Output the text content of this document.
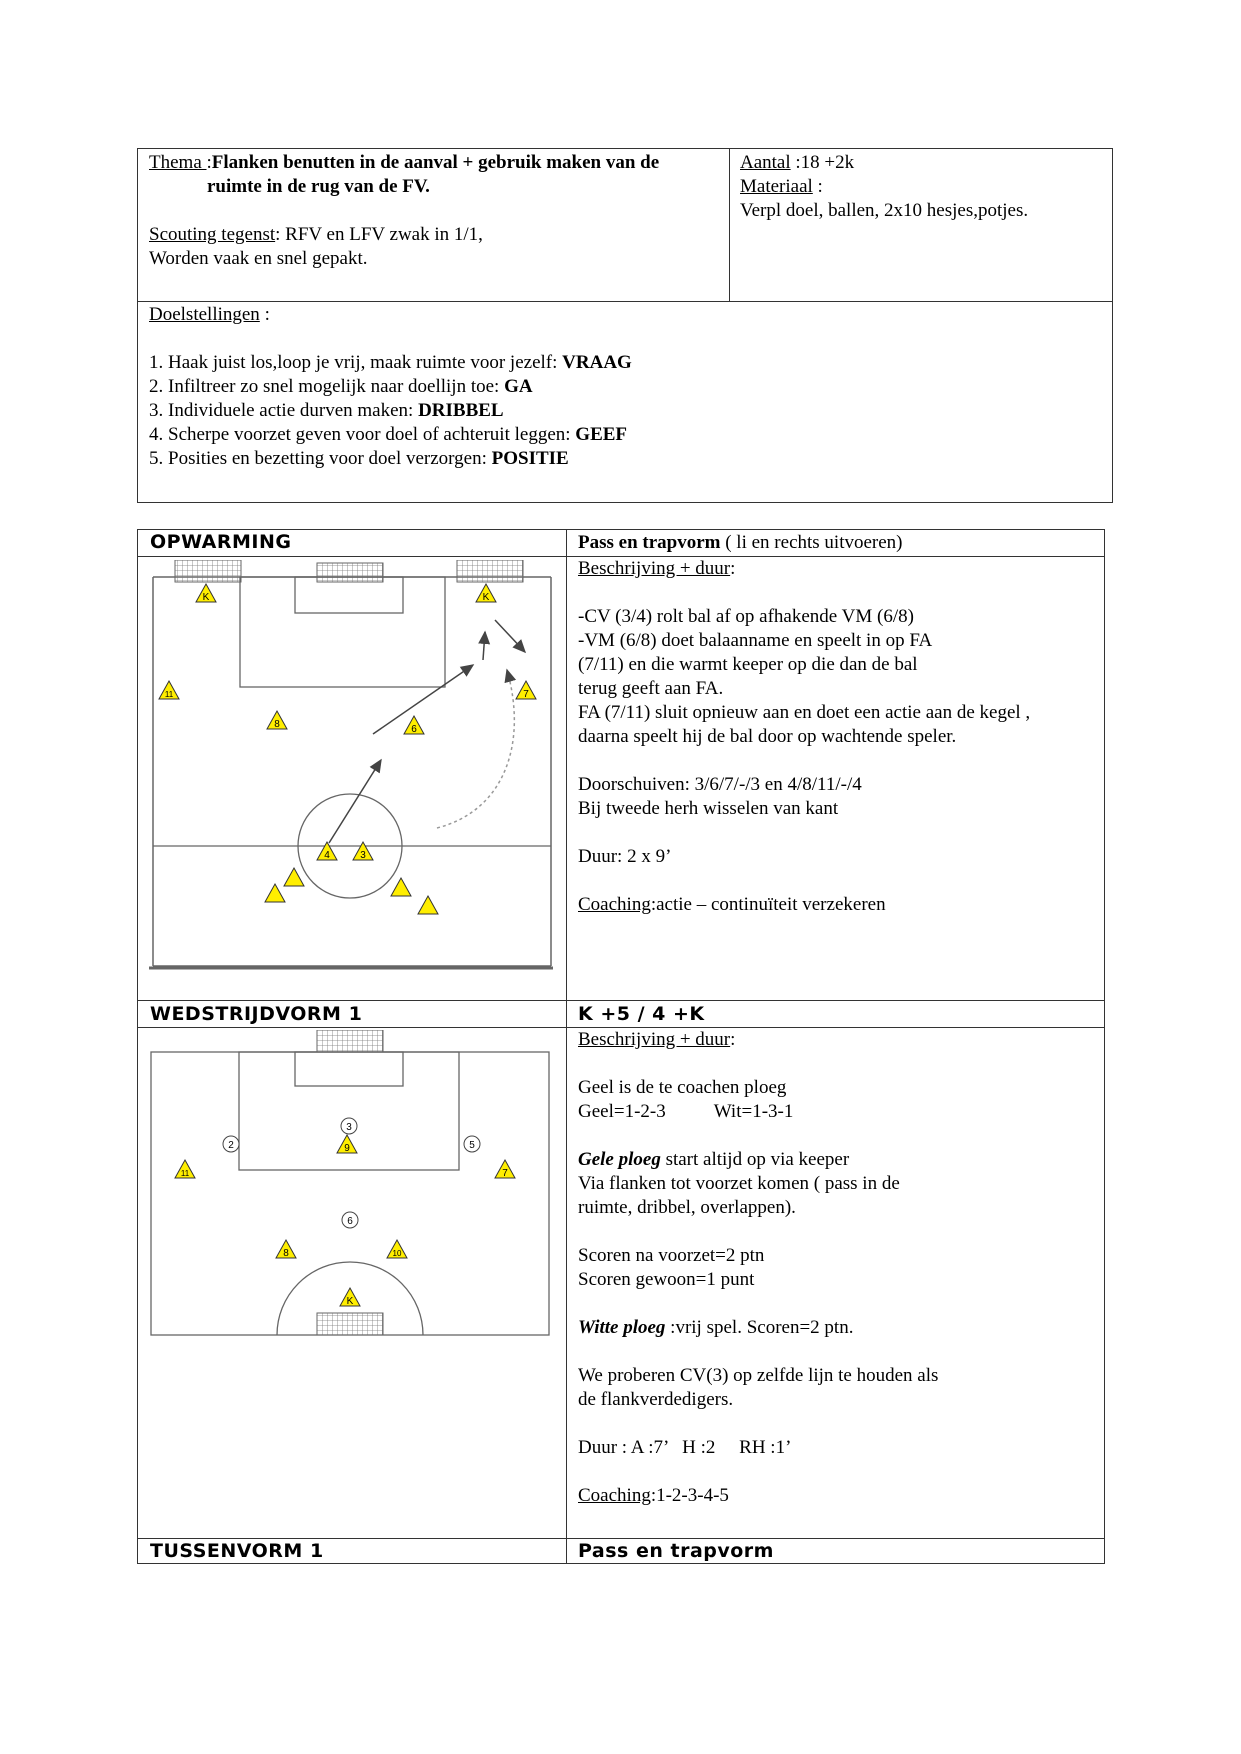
Thema :Flanken benutten in de aanval + gebruik maken van de
ruimte in de rug van de FV.
Scouting tegenst: RFV en LFV zwak in 1/1,
Worden vaak en snel gepakt.
Aantal :18 +2k
Materiaal :
Verpl doel, ballen, 2x10 hesjes,potjes.
Doelstellingen :
1. Haak juist los,loop je vrij, maak ruimte voor jezelf: VRAAG
2. Infiltreer zo snel mogelijk naar doellijn toe: GA
3. Individuele actie durven maken: DRIBBEL
4. Scherpe voorzet geven voor doel of achteruit leggen: GEEF
5. Posities en bezetting voor doel verzorgen: POSITIE
OPWARMING	Pass en trapvorm ( li en rechts uitvoeren)
Beschrijving + duur:
-CV (3/4) rolt bal af op afhakende VM (6/8)
-VM (6/8) doet balaanname en speelt in op FA
(7/11) en die warmt keeper op die dan de bal
terug geeft aan FA.
FA (7/11) sluit opnieuw aan en doet een actie aan de kegel ,
daarna speelt hij de bal door op wachtende speler.
Doorschuiven: 3/6/7/-/3 en 4/8/11/-/4
Bij tweede herh wisselen van kant
Duur: 2 x 9’
Coaching:actie – continuïteit verzekeren
K	K
11	7
8	6
4	3
WEDSTRIJDVORM 1	K +5 / 4 +K
Beschrijving + duur:
Geel is de te coachen ploeg
Geel=1-2-3	Wit=1-3-1
Gele ploeg start altijd op via keeper
Via flanken tot voorzet komen ( pass in de
ruimte, dribbel, overlappen).
Scoren na voorzet=2 ptn
Scoren gewoon=1 punt
Witte ploeg :vrij spel. Scoren=2 ptn.
We proberen CV(3) op zelfde lijn te houden als
de flankverdedigers.
Duur : A :7’   H :2     RH :1’
Coaching:1-2-3-4-5
3
2	5
6
9
11	7
8	10
K
TUSSENVORM 1	Pass en trapvorm
